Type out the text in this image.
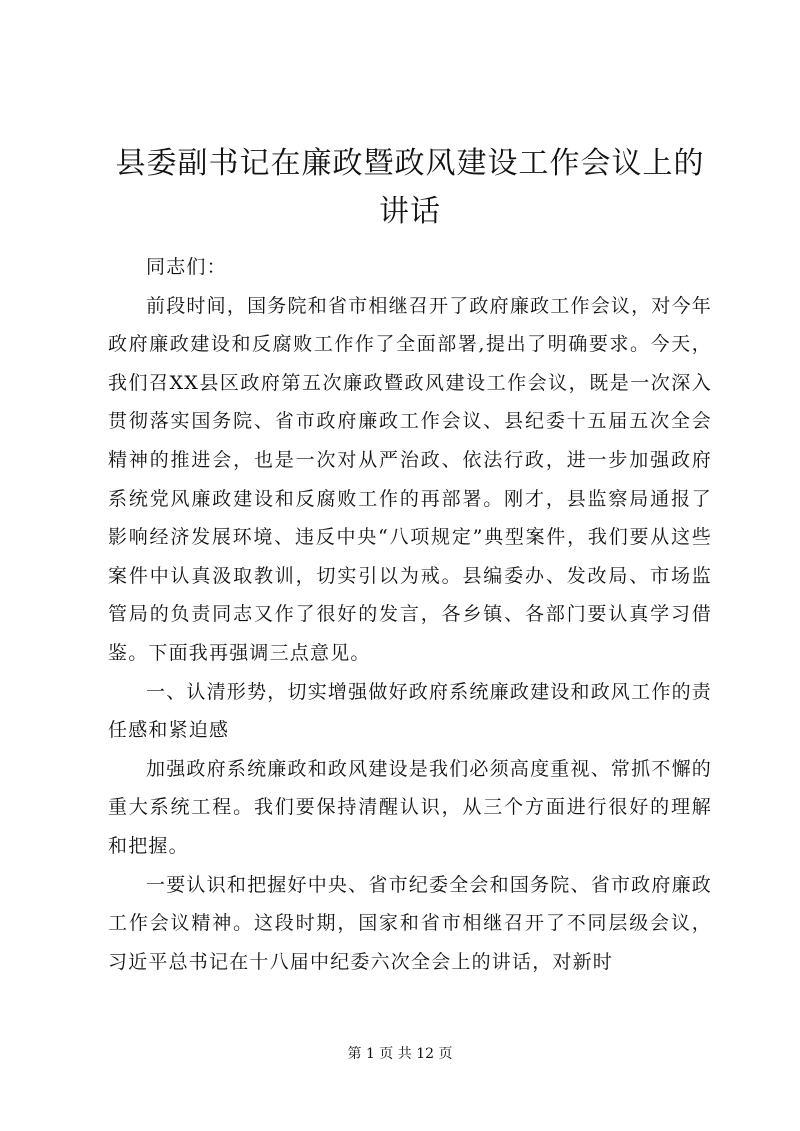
县委副书记在廉政暨政风建设工作会议上的讲话

同志们：

前段时间，国务院和省市相继召开了政府廉政工作会议，对今年政府廉政建设和反腐败工作作了全面部署,提出了明确要求。今天，我们召XX县区政府第五次廉政暨政风建设工作会议，既是一次深入贯彻落实国务院、省市政府廉政工作会议、县纪委十五届五次全会精神的推进会，也是一次对从严治政、依法行政，进一步加强政府系统党风廉政建设和反腐败工作的再部署。刚才，县监察局通报了影响经济发展环境、违反中央“八项规定”典型案件，我们要从这些案件中认真汲取教训，切实引以为戒。县编委办、发改局、市场监管局的负责同志又作了很好的发言，各乡镇、各部门要认真学习借鉴。下面我再强调三点意见。

一、认清形势，切实增强做好政府系统廉政建设和政风工作的责任感和紧迫感

加强政府系统廉政和政风建设是我们必须高度重视、常抓不懈的重大系统工程。我们要保持清醒认识，从三个方面进行很好的理解和把握。

一要认识和把握好中央、省市纪委全会和国务院、省市政府廉政工作会议精神。这段时期，国家和省市相继召开了不同层级会议，习近平总书记在十八届中纪委六次全会上的讲话，对新时

第 1 页 共 12 页
